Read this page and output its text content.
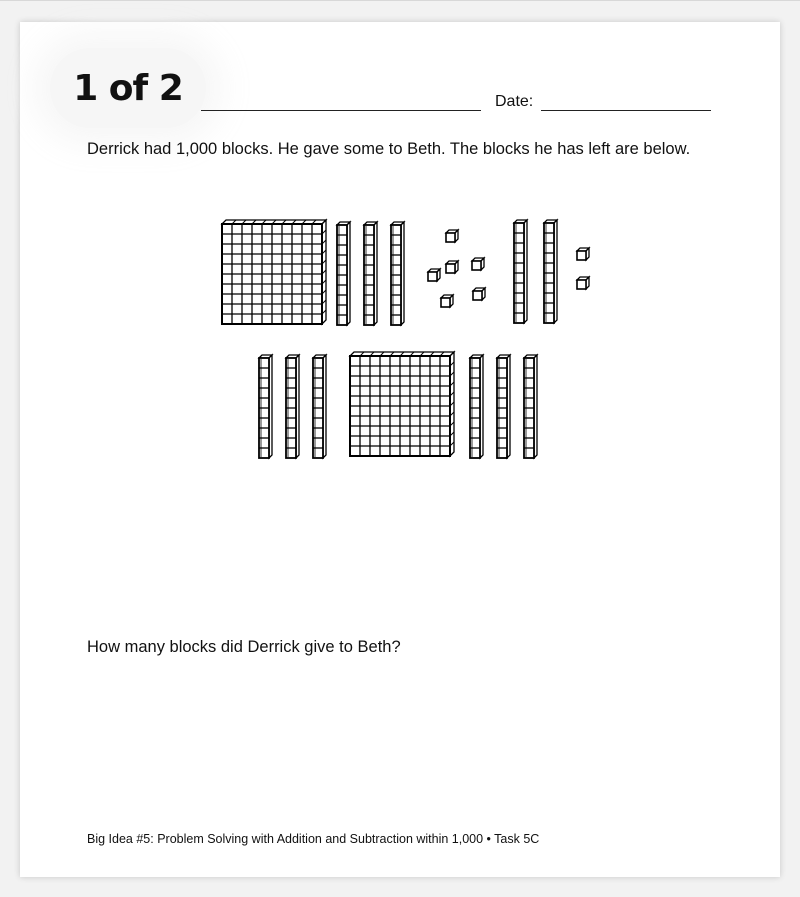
1 of 2	Date:
Derrick had 1,000 blocks. He gave some to Beth. The blocks he has left are below.
How many blocks did Derrick give to Beth?
Big Idea #5: Problem Solving with Addition and Subtraction within 1,000 • Task 5C
